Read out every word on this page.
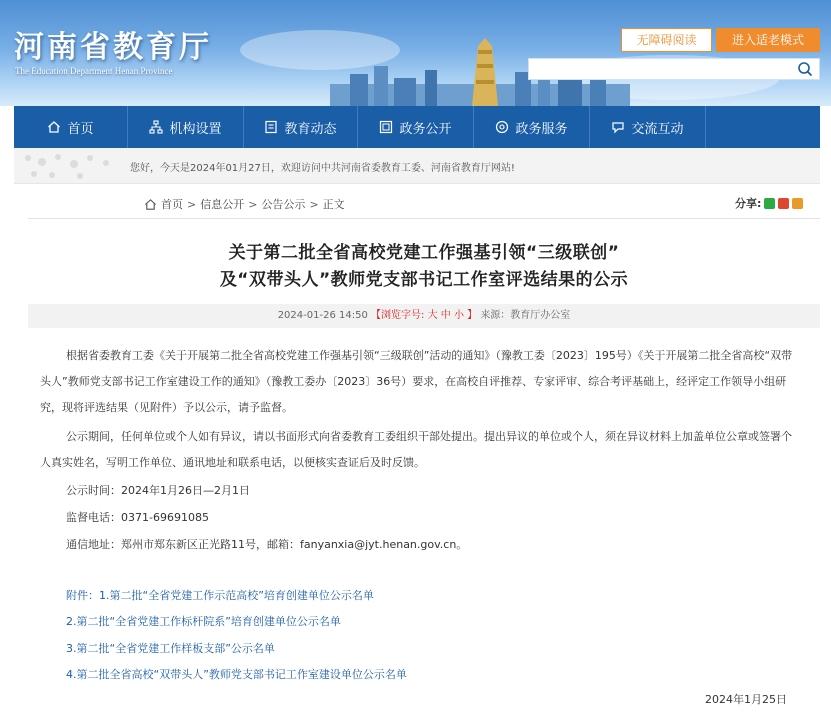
河南省教育厅
The Education Department Henan Province
无障碍阅读	进入适老模式
首页	机构设置	教育动态	政务公开	政务服务	交流互动
您好，今天是2024年01月27日，欢迎访问中共河南省委教育工委、河南省教育厅网站!
首页 > 信息公开 > 公告公示 > 正文	分享:
关于第二批全省高校党建工作强基引领“三级联创”
及“双带头人”教师党支部书记工作室评选结果的公示
2024-01-26 14:50 【浏览字号: 大 中 小 】 来源：教育厅办公室
根据省委教育工委《关于开展第二批全省高校党建工作强基引领“三级联创”活动的通知》（豫教工委〔2023〕195号）《关于开展第二批全省高校“双带头人”教师党支部书记工作室建设工作的通知》（豫教工委办〔2023〕36号）要求，在高校自评推荐、专家评审、综合考评基础上，经评定工作领导小组研究，现将评选结果（见附件）予以公示，请予监督。
公示期间，任何单位或个人如有异议，请以书面形式向省委教育工委组织干部处提出。提出异议的单位或个人，须在异议材料上加盖单位公章或签署个人真实姓名，写明工作单位、通讯地址和联系电话，以便核实查证后及时反馈。
公示时间：2024年1月26日—2月1日
监督电话：0371-69691085
通信地址：郑州市郑东新区正光路11号，邮箱：fanyanxia@jyt.henan.gov.cn。
附件：1.第二批“全省党建工作示范高校”培育创建单位公示名单
2.第二批“全省党建工作标杆院系”培育创建单位公示名单
3.第二批“全省党建工作样板支部”公示名单
4.第二批全省高校“双带头人”教师党支部书记工作室建设单位公示名单
2024年1月25日
